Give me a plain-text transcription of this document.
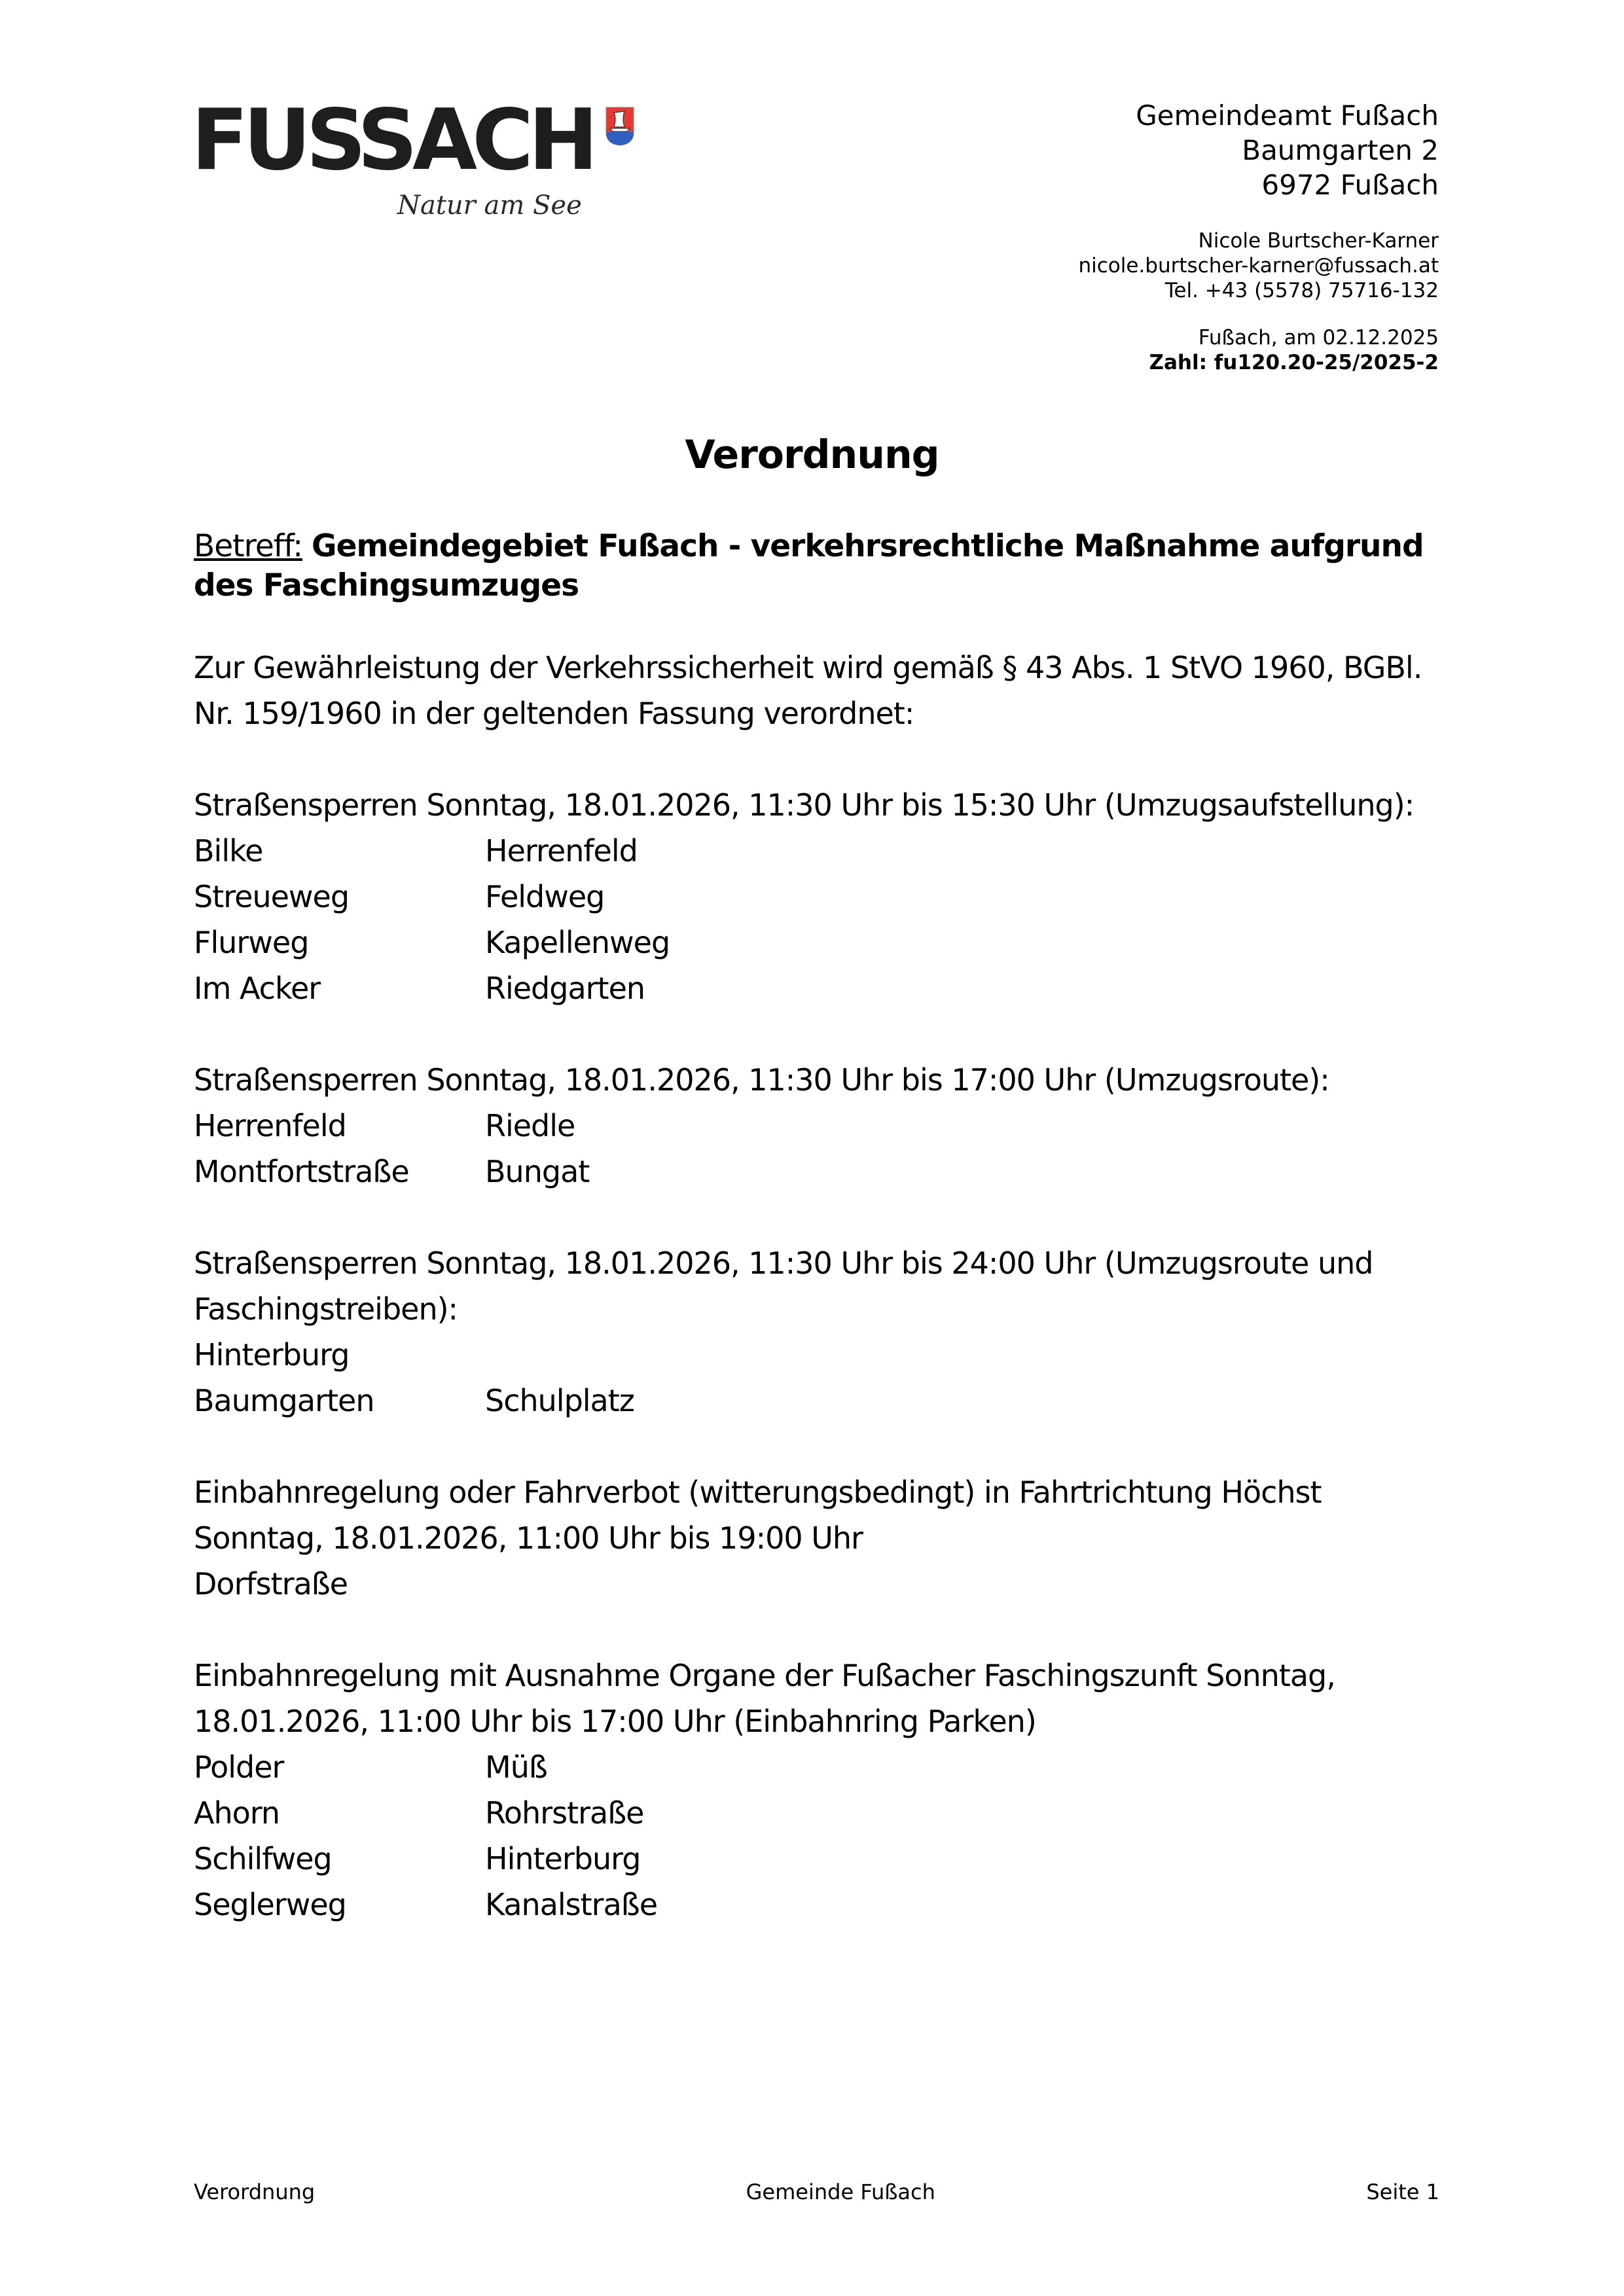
FUSSACH
Natur am See
Gemeindeamt Fußach
Baumgarten 2
6972 Fußach
Nicole Burtscher-Karner
nicole.burtscher-karner@fussach.at
Tel. +43 (5578) 75716-132
Fußach, am 02.12.2025
Zahl: fu120.20-25/2025-2
Verordnung
Betreff: Gemeindegebiet Fußach - verkehrsrechtliche Maßnahme aufgrund des Faschingsumzuges
Zur Gewährleistung der Verkehrssicherheit wird gemäß § 43 Abs. 1 StVO 1960, BGBl. Nr. 159/1960 in der geltenden Fassung verordnet:
Straßensperren Sonntag, 18.01.2026, 11:30 Uhr bis 15:30 Uhr (Umzugsaufstellung):
Bilke	Herrenfeld
Streueweg	Feldweg
Flurweg	Kapellenweg
Im Acker	Riedgarten
Straßensperren Sonntag, 18.01.2026, 11:30 Uhr bis 17:00 Uhr (Umzugsroute):
Herrenfeld	Riedle
Montfortstraße	Bungat
Straßensperren Sonntag, 18.01.2026, 11:30 Uhr bis 24:00 Uhr (Umzugsroute und Faschingstreiben):
Hinterburg
Baumgarten	Schulplatz
Einbahnregelung oder Fahrverbot (witterungsbedingt) in Fahrtrichtung Höchst Sonntag, 18.01.2026, 11:00 Uhr bis 19:00 Uhr
Dorfstraße
Einbahnregelung mit Ausnahme Organe der Fußacher Faschingszunft Sonntag, 18.01.2026, 11:00 Uhr bis 17:00 Uhr (Einbahnring Parken)
Polder	Müß
Ahorn	Rohrstraße
Schilfweg	Hinterburg
Seglerweg	Kanalstraße
Verordnung	Gemeinde Fußach	Seite 1
